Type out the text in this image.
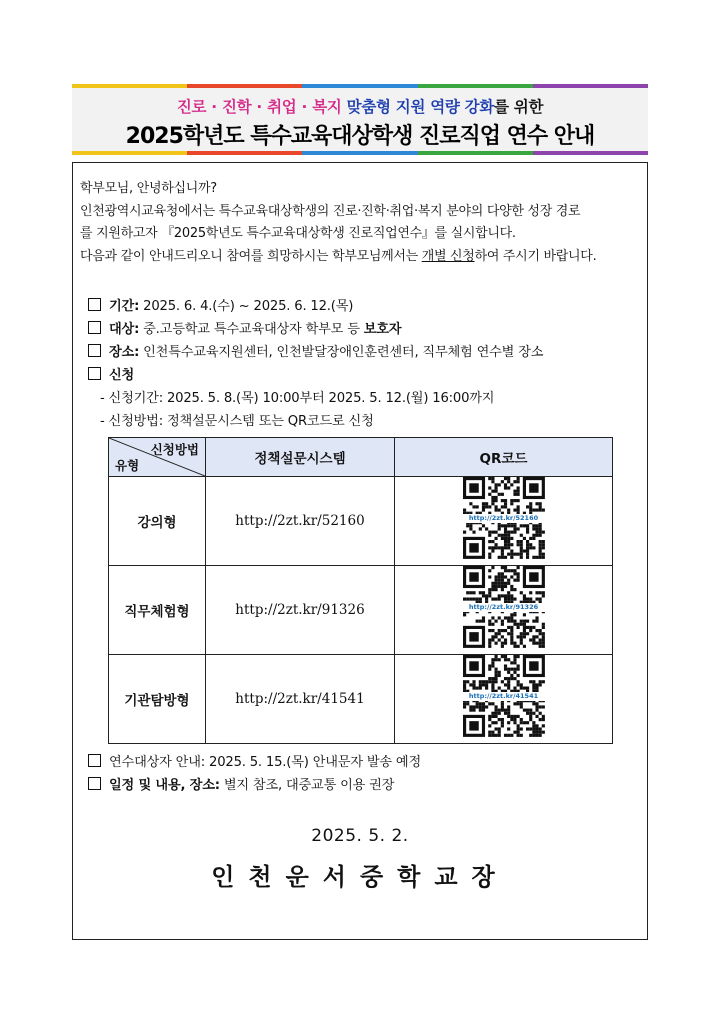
진로 · 진학 · 취업 · 복지 맞춤형 지원 역량 강화를 위한
2025학년도 특수교육대상학생 진로직업 연수 안내
학부모님, 안녕하십니까?
인천광역시교육청에서는 특수교육대상학생의 진로·진학·취업·복지 분야의 다양한 성장 경로
를 지원하고자 『2025학년도 특수교육대상학생 진로직업연수』를 실시합니다.
다음과 같이 안내드리오니 참여를 희망하시는 학부모님께서는 개별 신청하여 주시기 바랍니다.
기간: 2025. 6. 4.(수) ~ 2025. 6. 12.(목)
대상: 중.고등학교 특수교육대상자 학부모 등 보호자
장소: 인천특수교육지원센터, 인천발달장애인훈련센터, 직무체험 연수별 장소
신청
- 신청기간: 2025. 5. 8.(목) 10:00부터 2025. 5. 12.(월) 16:00까지
- 신청방법: 정책설문시스템 또는 QR코드로 신청
신청방법
유형	정책설문시스템	QR코드
강의형	http://2zt.kr/52160	http://2zt.kr/52160

직무체험형	http://2zt.kr/91326	http://2zt.kr/91326

기관탐방형	http://2zt.kr/41541	http://2zt.kr/41541
연수대상자 안내: 2025. 5. 15.(목) 안내문자 발송 예정
일정 및 내용, 장소: 별지 참조, 대중교통 이용 권장
2025. 5. 2.
인천운서중학교장
